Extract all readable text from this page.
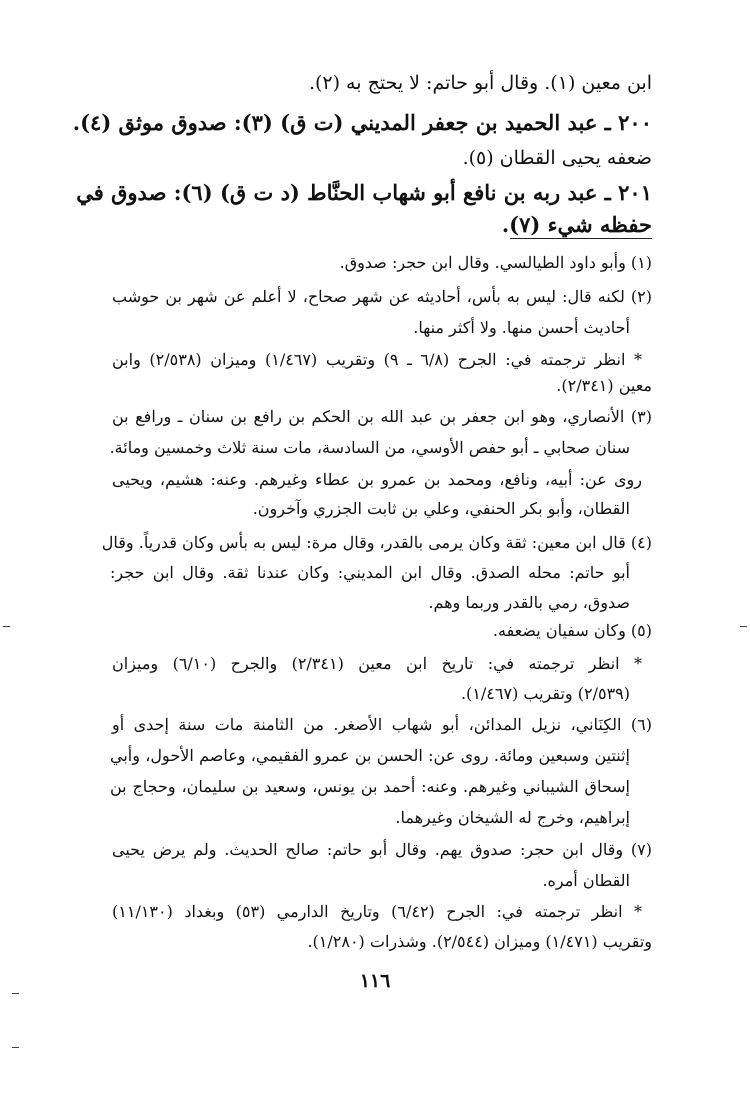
ابن معين (١). وقال أبو حاتم: لا يحتج به (٢).
٢٠٠ ـ عبد الحميد بن جعفر المديني (ت ق) (٣): صدوق موثق (٤).
ضعفه يحيى القطان (٥).
٢٠١ ـ عبد ربه بن نافع أبو شهاب الحنَّاط (د ت ق) (٦): صدوق في
حفظه شيء (٧).
(١) وأبو داود الطيالسي. وقال ابن حجر: صدوق.
(٢) لكنه قال: ليس به بأس، أحاديثه عن شهر صحاح، لا أعلم عن شهر بن حوشب
أحاديث أحسن منها. ولا أكثر منها.
* انظر ترجمته في: الجرح (٦/٨ ـ ٩) وتقريب (١/٤٦٧) وميزان (٢/٥٣٨) وابن
معين (٢/٣٤١).
(٣) الأنصاري، وهو ابن جعفر بن عبد الله بن الحكم بن رافع بن سنان ـ ورافع بن
سنان صحابي ـ أبو حفص الأوسي، من السادسة، مات سنة ثلاث وخمسين ومائة.
روى عن: أبيه، ونافع، ومحمد بن عمرو بن عطاء وغيرهم. وعنه: هشيم، ويحيى
القطان، وأبو بكر الحنفي، وعلي بن ثابت الجزري وآخرون.
(٤) قال ابن معين: ثقة وكان يرمى بالقدر، وقال مرة: ليس به بأس وكان قدرياً. وقال
أبو حاتم: محله الصدق. وقال ابن المديني: وكان عندنا ثقة. وقال ابن حجر:
صدوق، رمي بالقدر وربما وهم.
(٥) وكان سفيان يضعفه.
* انظر ترجمته في: تاريخ ابن معين (٢/٣٤١) والجرح (٦/١٠) وميزان
(٢/٥٣٩) وتقريب (١/٤٦٧).
(٦) الكِنَاني، نزيل المدائن، أبو شهاب الأصغر. من الثامنة مات سنة إحدى أو
إثنتين وسبعين ومائة. روى عن: الحسن بن عمرو الفقيمي، وعاصم الأحول، وأبي
إسحاق الشيباني وغيرهم. وعنه: أحمد بن يونس، وسعيد بن سليمان، وحجاج بن
إبراهيم، وخرج له الشيخان وغيرهما.
(٧) وقال ابن حجر: صدوق يهم. وقال أبو حاتم: صالح الحديث. ولم يرض يحيى
القطان أمره.
* انظر ترجمته في: الجرح (٦/٤٢) وتاريخ الدارمي (٥٣) وبغداد (١١/١٣٠)
وتقريب (١/٤٧١) وميزان (٢/٥٤٤). وشذرات (١/٢٨٠).
١١٦
